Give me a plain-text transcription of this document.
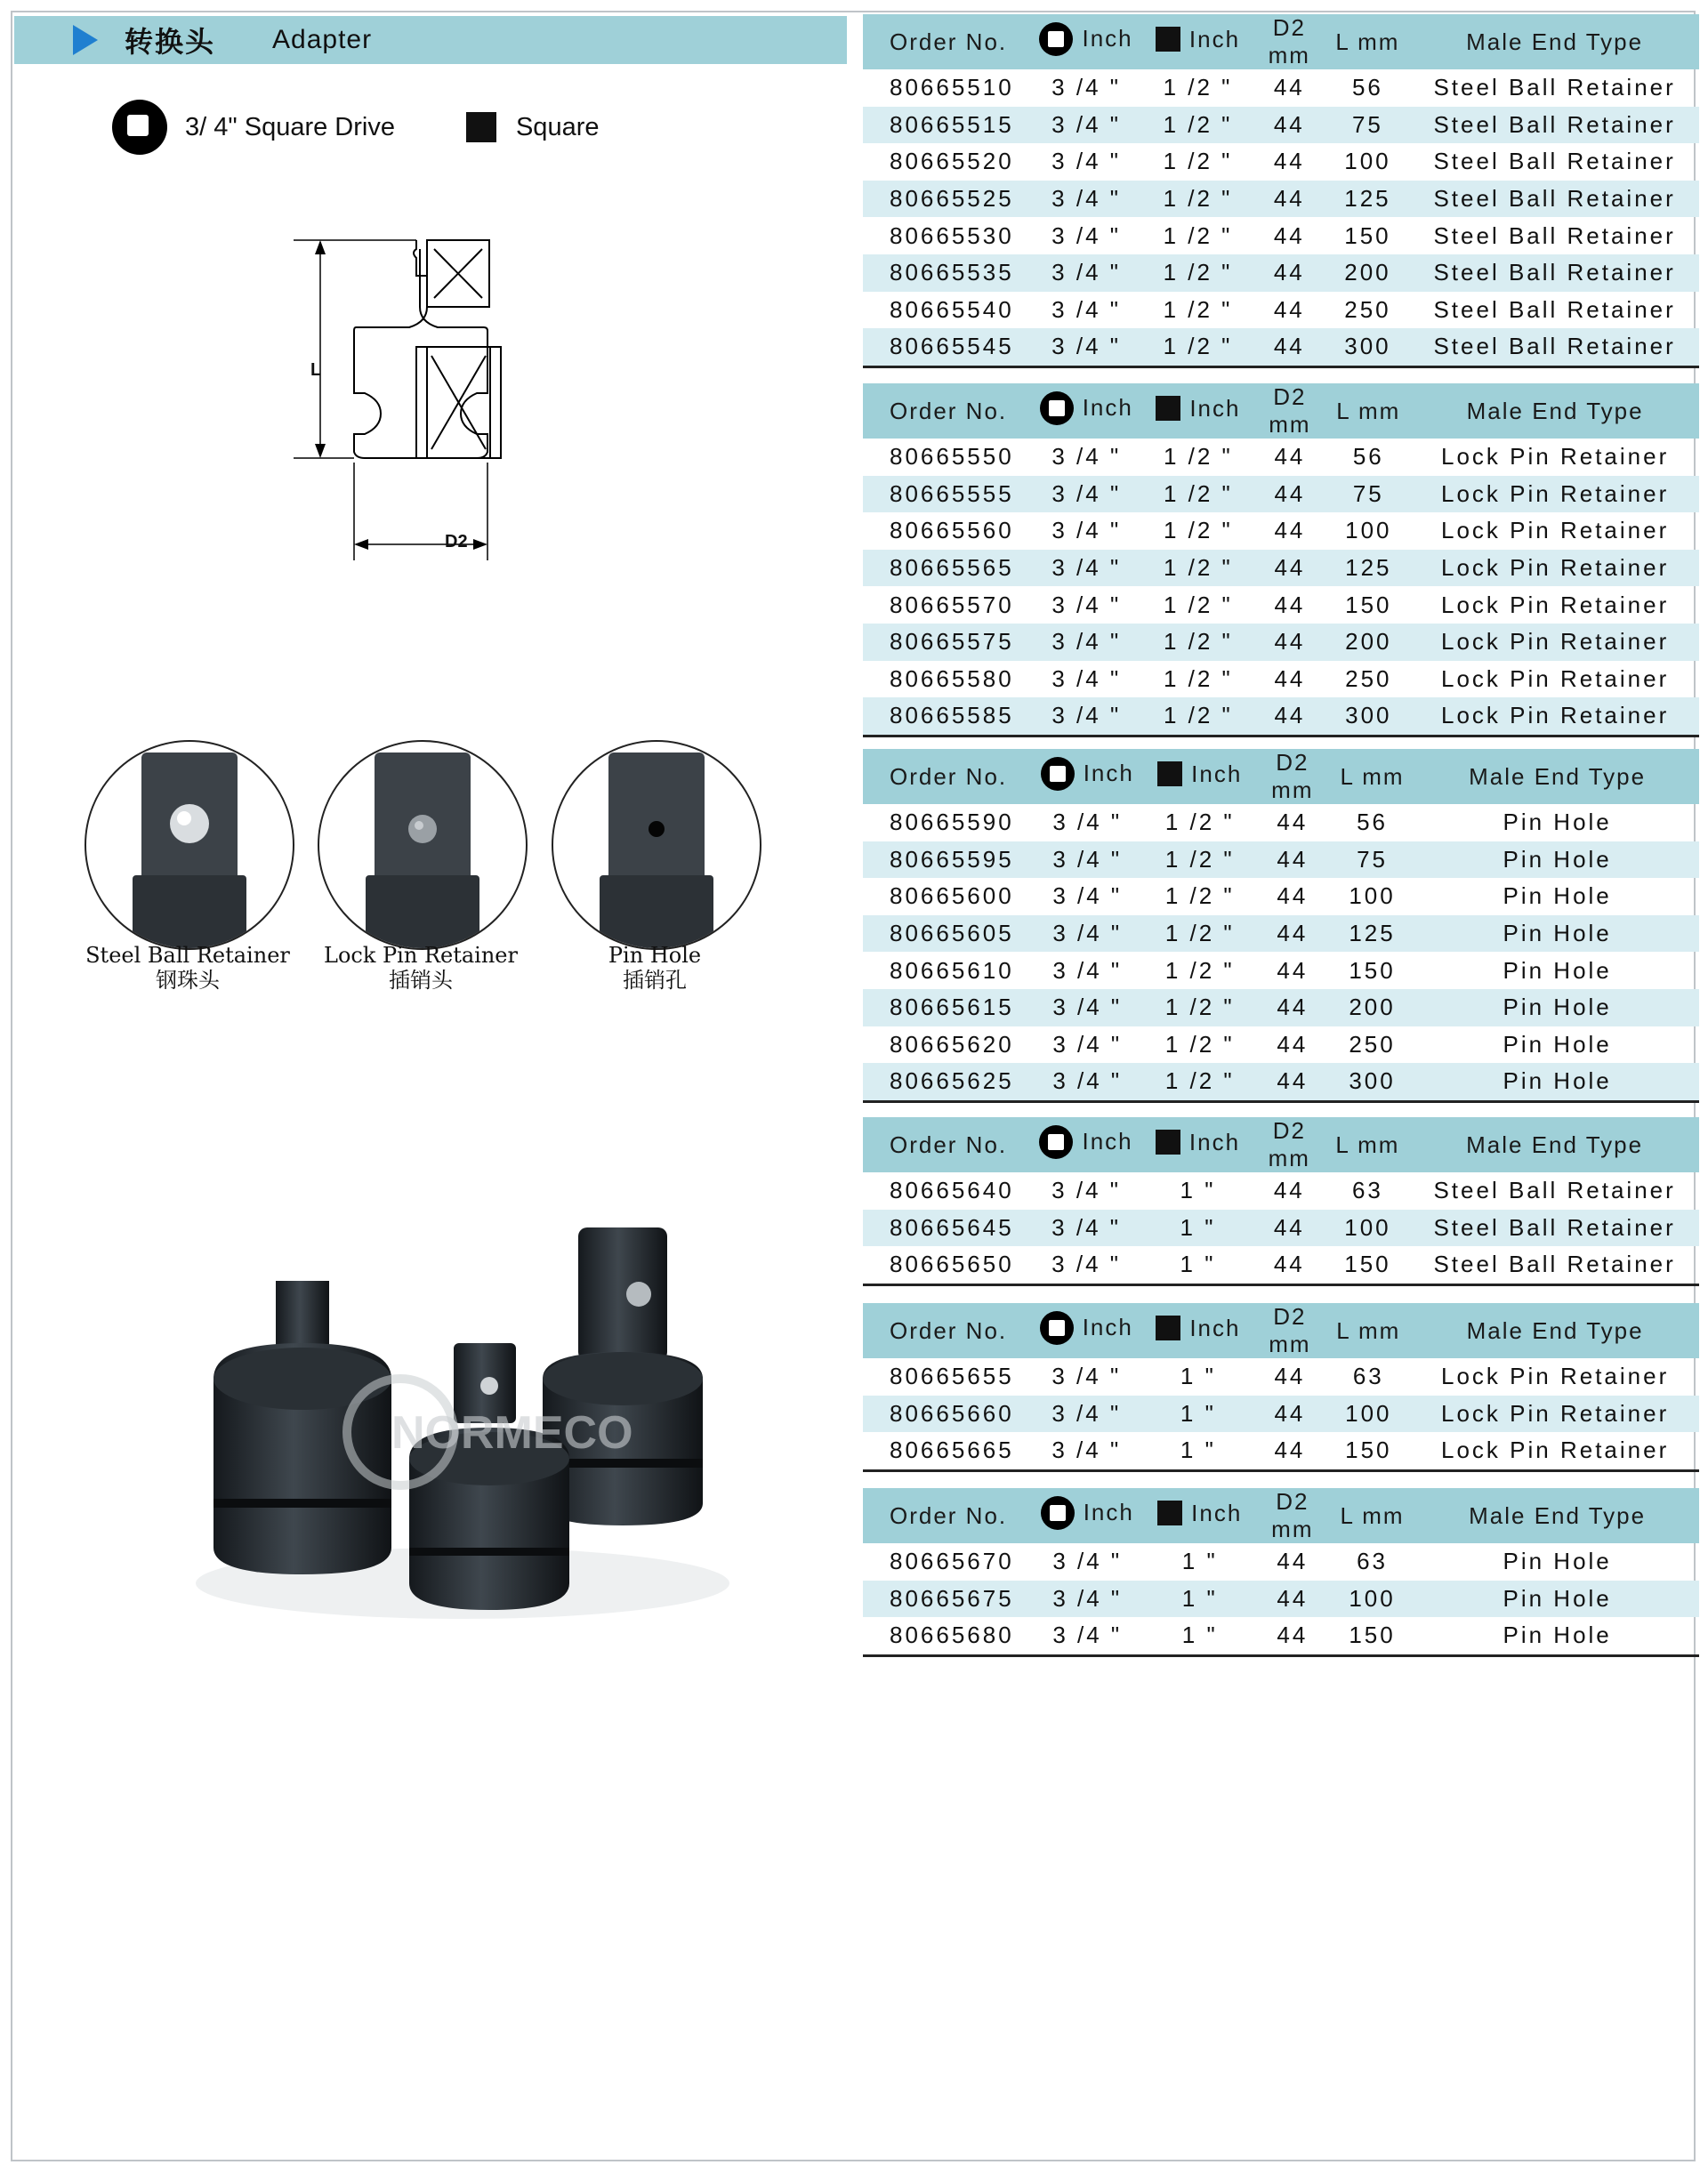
转换头 Adapter
3/ 4" Square Drive	Square
L
D2
Steel Ball Retainer
钢珠头
Lock Pin Retainer
插销头
Pin Hole
插销孔
NORMECO
Order No.	Inch	Inch	D2 mm	L mm	Male End Type
80665510	3 /4 "	1 /2 "	44	56	Steel Ball Retainer
80665515	3 /4 "	1 /2 "	44	75	Steel Ball Retainer
80665520	3 /4 "	1 /2 "	44	100	Steel Ball Retainer
80665525	3 /4 "	1 /2 "	44	125	Steel Ball Retainer
80665530	3 /4 "	1 /2 "	44	150	Steel Ball Retainer
80665535	3 /4 "	1 /2 "	44	200	Steel Ball Retainer
80665540	3 /4 "	1 /2 "	44	250	Steel Ball Retainer
80665545	3 /4 "	1 /2 "	44	300	Steel Ball Retainer
Order No.	Inch	Inch	D2 mm	L mm	Male End Type
80665550	3 /4 "	1 /2 "	44	56	Lock Pin Retainer
80665555	3 /4 "	1 /2 "	44	75	Lock Pin Retainer
80665560	3 /4 "	1 /2 "	44	100	Lock Pin Retainer
80665565	3 /4 "	1 /2 "	44	125	Lock Pin Retainer
80665570	3 /4 "	1 /2 "	44	150	Lock Pin Retainer
80665575	3 /4 "	1 /2 "	44	200	Lock Pin Retainer
80665580	3 /4 "	1 /2 "	44	250	Lock Pin Retainer
80665585	3 /4 "	1 /2 "	44	300	Lock Pin Retainer
Order No.	Inch	Inch	D2 mm	L mm	Male End Type
80665590	3 /4 "	1 /2 "	44	56	Pin Hole
80665595	3 /4 "	1 /2 "	44	75	Pin Hole
80665600	3 /4 "	1 /2 "	44	100	Pin Hole
80665605	3 /4 "	1 /2 "	44	125	Pin Hole
80665610	3 /4 "	1 /2 "	44	150	Pin Hole
80665615	3 /4 "	1 /2 "	44	200	Pin Hole
80665620	3 /4 "	1 /2 "	44	250	Pin Hole
80665625	3 /4 "	1 /2 "	44	300	Pin Hole
Order No.	Inch	Inch	D2 mm	L mm	Male End Type
80665640	3 /4 "	1 "	44	63	Steel Ball Retainer
80665645	3 /4 "	1 "	44	100	Steel Ball Retainer
80665650	3 /4 "	1 "	44	150	Steel Ball Retainer
Order No.	Inch	Inch	D2 mm	L mm	Male End Type
80665655	3 /4 "	1 "	44	63	Lock Pin Retainer
80665660	3 /4 "	1 "	44	100	Lock Pin Retainer
80665665	3 /4 "	1 "	44	150	Lock Pin Retainer
Order No.	Inch	Inch	D2 mm	L mm	Male End Type
80665670	3 /4 "	1 "	44	63	Pin Hole
80665675	3 /4 "	1 "	44	100	Pin Hole
80665680	3 /4 "	1 "	44	150	Pin Hole
